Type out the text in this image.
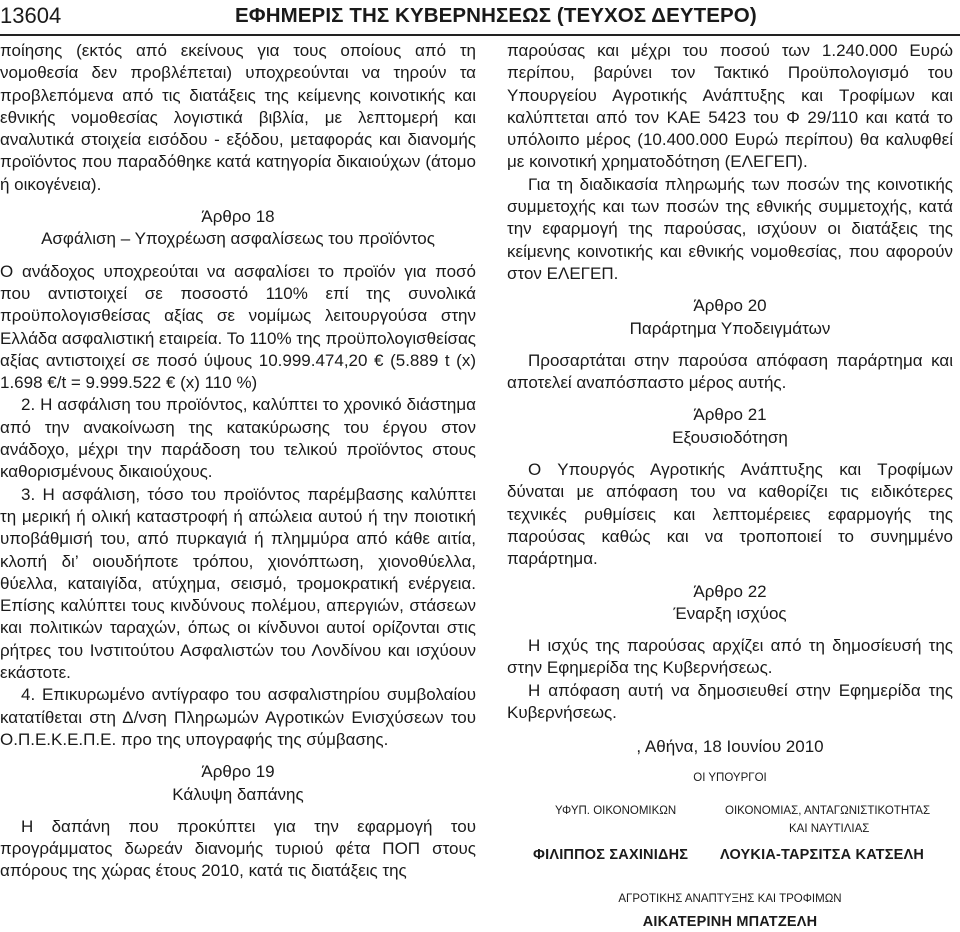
13604	ΕΦΗΜΕΡΙΣ ΤΗΣ ΚΥΒΕΡΝΗΣΕΩΣ (ΤΕΥΧΟΣ ΔΕΥΤΕΡΟ)

ποίησης (εκτός από εκείνους για τους οποίους από τη νομοθεσία δεν προβλέπεται) υποχρεούνται να τηρούν τα προβλεπόμενα από τις διατάξεις της κείμενης κοινοτικής και εθνικής νομοθεσίας λογιστικά βιβλία, με λεπτομερή και αναλυτικά στοιχεία εισόδου - εξόδου, μεταφοράς και διανομής προϊόντος που παραδόθηκε κατά κατηγορία δικαιούχων (άτομο ή οικογένεια).

Άρθρο 18

Ασφάλιση – Υποχρέωση ασφαλίσεως του προϊόντος

Ο ανάδοχος υποχρεούται να ασφαλίσει το προϊόν για ποσό που αντιστοιχεί σε ποσοστό 110% επί της συνολικά προϋπολογισθείσας αξίας σε νομίμως λειτουργούσα στην Ελλάδα ασφαλιστική εταιρεία. Το 110% της προϋπολογισθείσας αξίας αντιστοιχεί σε ποσό ύψους 10.999.474,20 € (5.889 t (x) 1.698 €/t = 9.999.522 € (x) 110 %)

2. Η ασφάλιση του προϊόντος, καλύπτει το χρονικό διάστημα από την ανακοίνωση της κατακύρωσης του έργου στον ανάδοχο, μέχρι την παράδοση του τελικού προϊόντος στους καθορισμένους δικαιούχους.

3. Η ασφάλιση, τόσο του προϊόντος παρέμβασης καλύπτει τη μερική ή ολική καταστροφή ή απώλεια αυτού ή την ποιοτική υποβάθμισή του, από πυρκαγιά ή πλημμύρα από κάθε αιτία, κλοπή δι’ οιουδήποτε τρόπου, χιονόπτωση, χιονοθύελλα, θύελλα, καταιγίδα, ατύχημα, σεισμό, τρομοκρατική ενέργεια. Επίσης καλύπτει τους κινδύνους πολέμου, απεργιών, στάσεων και πολιτικών ταραχών, όπως οι κίνδυνοι αυτοί ορίζονται στις ρήτρες του Ινστιτούτου Ασφαλιστών του Λονδίνου και ισχύουν εκάστοτε.

4. Επικυρωμένο αντίγραφο του ασφαλιστηρίου συμβολαίου κατατίθεται στη Δ/νση Πληρωμών Αγροτικών Ενισχύσεων του Ο.Π.Ε.Κ.Ε.Π.Ε. προ της υπογραφής της σύμβασης.

Άρθρο 19

Κάλυψη δαπάνης

Η δαπάνη που προκύπτει για την εφαρμογή του προγράμματος δωρεάν διανομής τυριού φέτα ΠΟΠ στους απόρους της χώρας έτους 2010, κατά τις διατάξεις της

παρούσας και μέχρι του ποσού των 1.240.000 Ευρώ περίπου, βαρύνει τον Τακτικό Προϋπολογισμό του Υπουργείου Αγροτικής Ανάπτυξης και Τροφίμων και καλύπτεται από τον ΚΑΕ 5423 του Φ 29/110 και κατά το υπόλοιπο μέρος (10.400.000 Ευρώ περίπου) θα καλυφθεί με κοινοτική χρηματοδότηση (ΕΛΕΓΕΠ).

Για τη διαδικασία πληρωμής των ποσών της κοινοτικής συμμετοχής και των ποσών της εθνικής συμμετοχής, κατά την εφαρμογή της παρούσας, ισχύουν οι διατάξεις της κείμενης κοινοτικής και εθνικής νομοθεσίας, που αφορούν στον ΕΛΕΓΕΠ.

Άρθρο 20

Παράρτημα Υποδειγμάτων

Προσαρτάται στην παρούσα απόφαση παράρτημα και αποτελεί αναπόσπαστο μέρος αυτής.

Άρθρο 21

Εξουσιοδότηση

Ο Υπουργός Αγροτικής Ανάπτυξης και Τροφίμων δύναται με απόφαση του να καθορίζει τις ειδικότερες τεχνικές ρυθμίσεις και λεπτομέρειες εφαρμογής της παρούσας καθώς και να τροποποιεί το συνημμένο παράρτημα.

Άρθρο 22

Έναρξη ισχύος

Η ισχύς της παρούσας αρχίζει από τη δημοσίευσή της στην Εφημερίδα της Κυβερνήσεως.

Η απόφαση αυτή να δημοσιευθεί στην Εφημερίδα της Κυβερνήσεως.

, Αθήνα, 18 Ιουνίου 2010

ΟΙ ΥΠΟΥΡΓΟΙ

ΥΦΥΠ. ΟΙΚΟΝΟΜΙΚΩΝ	ΟΙΚΟΝΟΜΙΑΣ, ΑΝΤΑΓΩΝΙΣΤΙΚΟΤΗΤΑΣ
ΚΑΙ ΝΑΥΤΙΛΙΑΣ
ΦΙΛΙΠΠΟΣ ΣΑΧΙΝΙΔΗΣ ΛΟΥΚΙΑ-ΤΑΡΣΙΤΣΑ ΚΑΤΣΕΛΗ

ΑΓΡΟΤΙΚΗΣ ΑΝΑΠΤΥΞΗΣ ΚΑΙ ΤΡΟΦΙΜΩΝ

ΑΙΚΑΤΕΡΙΝΗ ΜΠΑΤΖΕΛΗ
